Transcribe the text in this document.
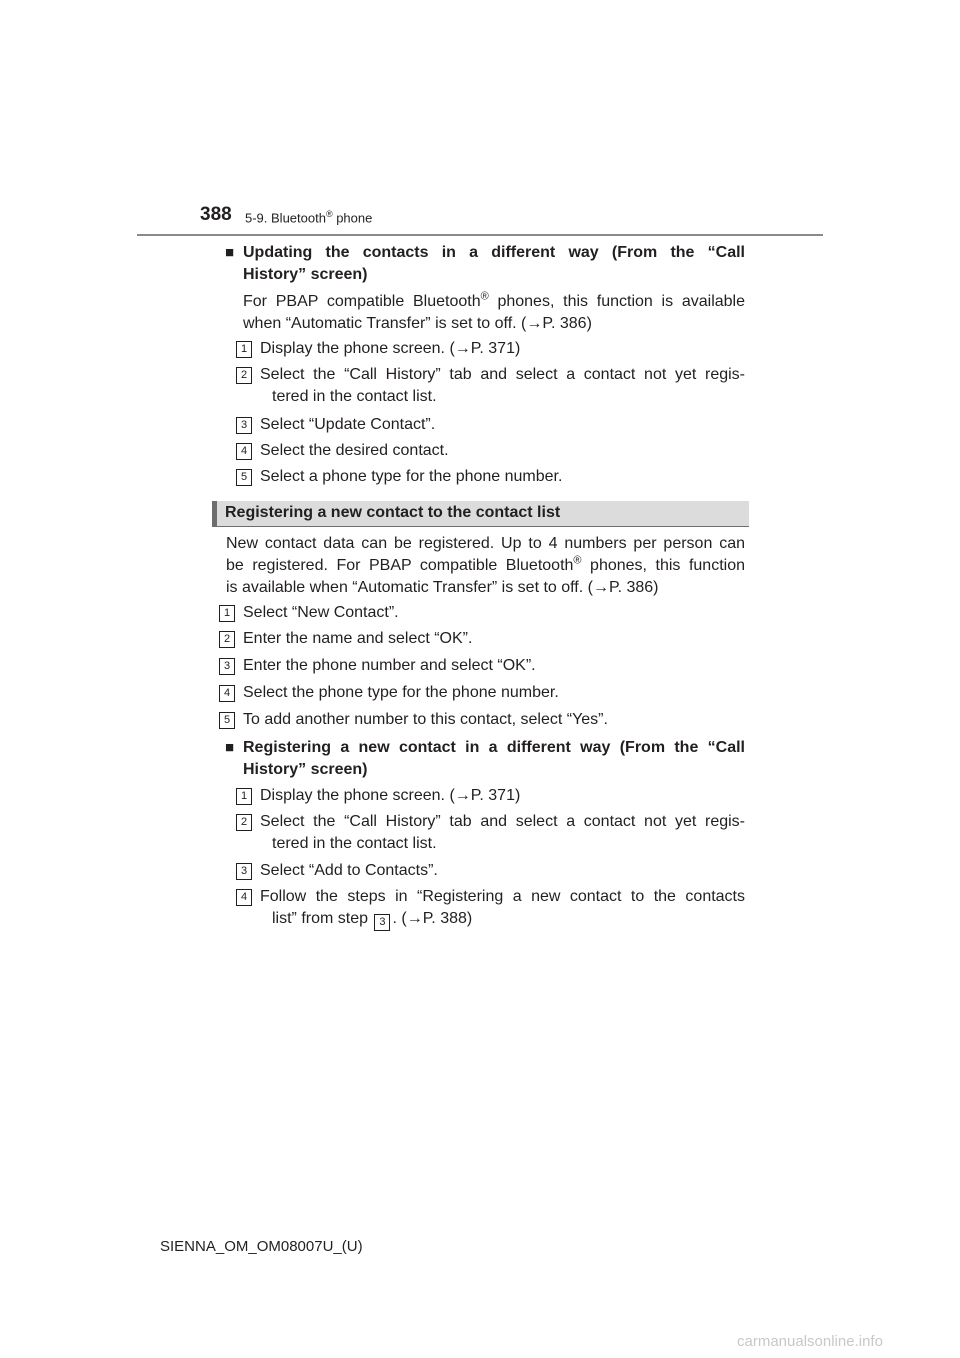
388 5-9. Bluetooth® phone
■ Updating the contacts in a different way (From the “Call
History” screen)
For PBAP compatible Bluetooth® phones, this function is available
when “Automatic Transfer” is set to off. (→P. 386)
1 Display the phone screen. (→P. 371)
2 Select the “Call History” tab and select a contact not yet regis-
tered in the contact list.
3 Select “Update Contact”.
4 Select the desired contact.
5 Select a phone type for the phone number.
Registering a new contact to the contact list
New contact data can be registered. Up to 4 numbers per person can
be registered. For PBAP compatible Bluetooth® phones, this function
is available when “Automatic Transfer” is set to off. (→P. 386)
1 Select “New Contact”.
2 Enter the name and select “OK”.
3 Enter the phone number and select “OK”.
4 Select the phone type for the phone number.
5 To add another number to this contact, select “Yes”.
■ Registering a new contact in a different way (From the “Call
History” screen)
1 Display the phone screen. (→P. 371)
2 Select the “Call History” tab and select a contact not yet regis-
tered in the contact list.
3 Select “Add to Contacts”.
4 Follow the steps in “Registering a new contact to the contacts
list” from step 3 . (→P. 388)
SIENNA_OM_OM08007U_(U)
carmanualsonline.info
